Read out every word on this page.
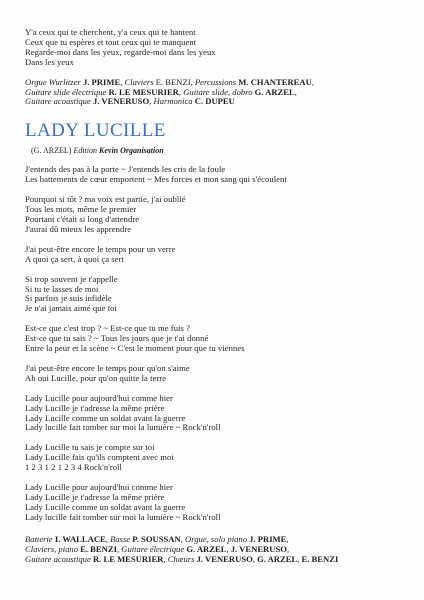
Y'a ceux qui te cherchent, y'a ceux qui te hantent
Ceux que tu espères et tout ceux qui te manquent
Regarde-moi dans les yeux, regarde-moi dans les yeux
Dans les yeux
Orgue Wurlitzer J. PRIME, Claviers E. BENZI, Percussions M. CHANTEREAU,
Guitare slide électrique R. LE MESURIER, Guitare slide, dobro G. ARZEL,
Guitare acoustique J. VENERUSO, Harmonica C. DUPEU
LADY LUCILLE
(G. ARZEL) Edition Kevin Organisation
J'entends des pas à la porte ~ J'entends les cris de la foule
Les battements de cœur emportent ~ Mes forces et mon sang qui s'écoulent
Pourquoi si tôt ? ma voix est partie, j'ai oublié
Tous les mots, même le premier
Pourtant c'était si long d'attendre
J'aurai dû mieux les apprendre
J'ai peut-être encore le temps pour un verre
A quoi ça sert, à quoi ça sert
Si trop souvent je t'appelle
Si tu te lasses de moi
Si parfois je suis infidèle
Je n'ai jamais aimé que toi
Est-ce que c'est trop ? ~ Est-ce que tu me fuis ?
Est-ce que tu sais ? ~ Tous les jours que je t'ai donné
Entre la peur et la scène ~ C'est le moment pour que tu viennes
J'ai peut-être encore le temps pour qu'on s'aime
Ah oui Lucille, pour qu'on quitte la terre
Lady Lucille pour aujourd'hui comme hier
Lady Lucille je t'adresse la même prière
Lady Lucille comme un soldat avant la guerre
Lady lucille fait tomber sur moi la lumière ~ Rock'n'roll
Lady Lucille tu sais je compte sur toi
Lady Lucille fais qu'ils comptent avec moi
1 2 3 1 2 1 2 3 4 Rock'n'roll
Lady Lucille pour aujourd'hui comme hier
Lady Lucille je t'adresse la même prière
Lady Lucille comme un soldat avant la guerre
Lady lucille fait tomber sur moi la lumière ~ Rock'n'roll
Batterie I. WALLACE, Basse P. SOUSSAN, Orgue, solo piano J. PRIME,
Claviers, piano E. BENZI, Guitare électrique G. ARZEL, J. VENERUSO,
Guitare acoustique R. LE MESURIER, Chœurs J. VENERUSO, G. ARZEL, E. BENZI
